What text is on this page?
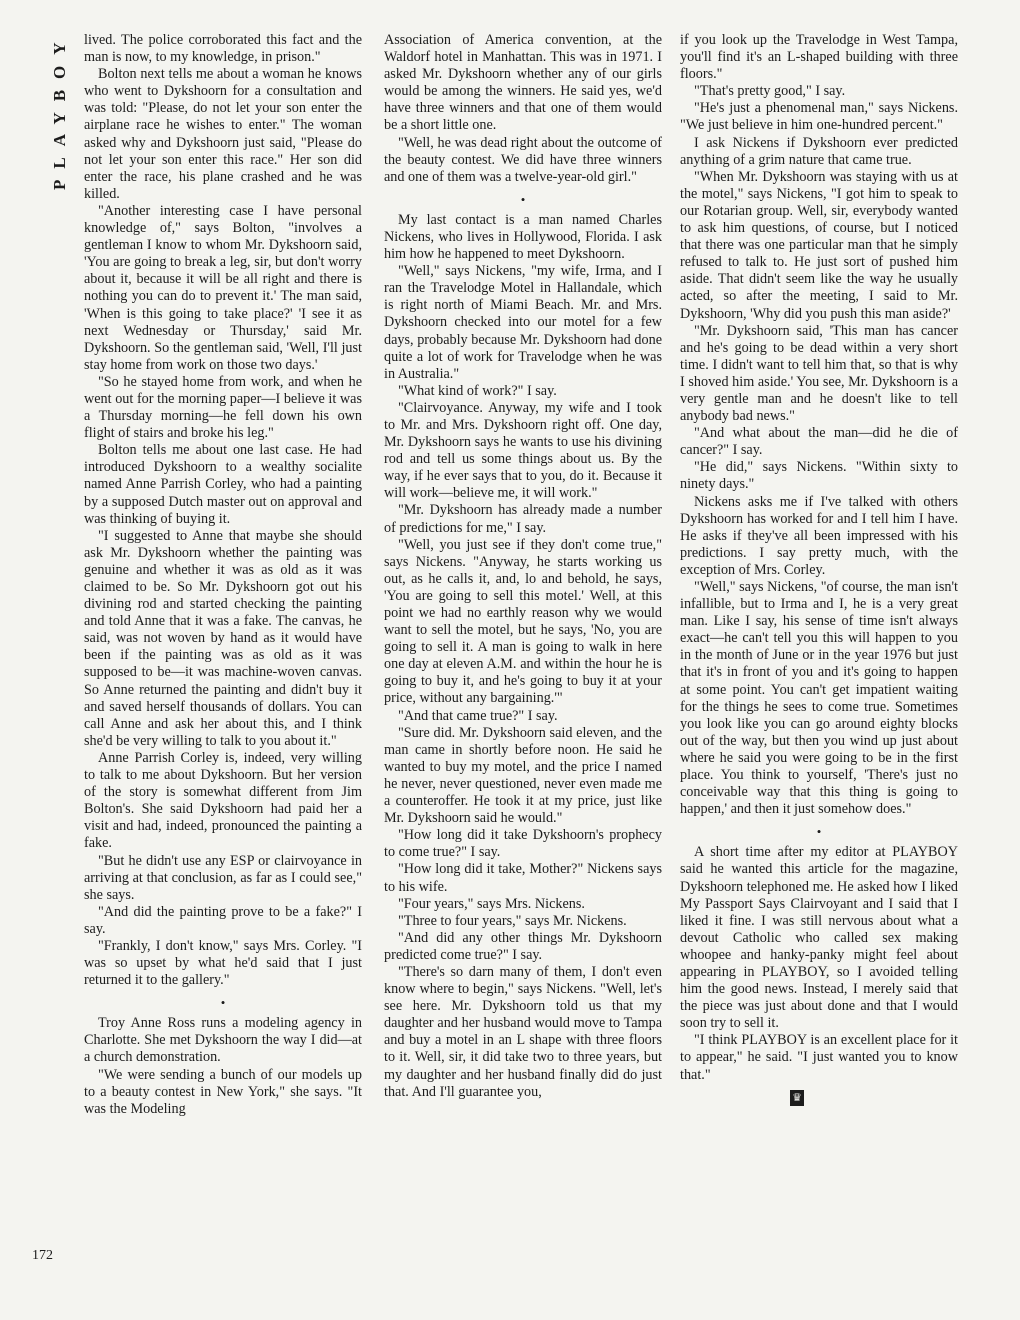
PLAYBOY lived. The police corroborated this fact and the man is now, to my knowledge, in prison."

Bolton next tells me about a woman he knows who went to Dykshoorn for a consultation and was told: "Please, do not let your son enter the airplane race he wishes to enter." The woman asked why and Dykshoorn just said, "Please do not let your son enter this race." Her son did enter the race, his plane crashed and he was killed.

"Another interesting case I have personal knowledge of," says Bolton, "involves a gentleman I know to whom Mr. Dykshoorn said, 'You are going to break a leg, sir, but don't worry about it, because it will be all right and there is nothing you can do to prevent it.' The man said, 'When is this going to take place?' 'I see it as next Wednesday or Thursday,' said Mr. Dykshoorn. So the gentleman said, 'Well, I'll just stay home from work on those two days.'

"So he stayed home from work, and when he went out for the morning paper—I believe it was a Thursday morning—he fell down his own flight of stairs and broke his leg."

Bolton tells me about one last case. He had introduced Dykshoorn to a wealthy socialite named Anne Parrish Corley, who had a painting by a supposed Dutch master out on approval and was thinking of buying it.

"I suggested to Anne that maybe she should ask Mr. Dykshoorn whether the painting was genuine and whether it was as old as it was claimed to be. So Mr. Dykshoorn got out his divining rod and started checking the painting and told Anne that it was a fake. The canvas, he said, was not woven by hand as it would have been if the painting was as old as it was supposed to be—it was machine-woven canvas. So Anne returned the painting and didn't buy it and saved herself thousands of dollars. You can call Anne and ask her about this, and I think she'd be very willing to talk to you about it."

Anne Parrish Corley is, indeed, very willing to talk to me about Dykshoorn. But her version of the story is somewhat different from Jim Bolton's. She said Dykshoorn had paid her a visit and had, indeed, pronounced the painting a fake.

"But he didn't use any ESP or clairvoyance in arriving at that conclusion, as far as I could see," she says.

"And did the painting prove to be a fake?" I say.

"Frankly, I don't know," says Mrs. Corley. "I was so upset by what he'd said that I just returned it to the gallery."

•

Troy Anne Ross runs a modeling agency in Charlotte. She met Dykshoorn the way I did—at a church demonstration.

"We were sending a bunch of our models up to a beauty contest in New York," she says. "It was the Modeling

Association of America convention, at the Waldorf hotel in Manhattan. This was in 1971. I asked Mr. Dykshoorn whether any of our girls would be among the winners. He said yes, we'd have three winners and that one of them would be a short little one.

"Well, he was dead right about the outcome of the beauty contest. We did have three winners and one of them was a twelve-year-old girl."

•

My last contact is a man named Charles Nickens, who lives in Hollywood, Florida. I ask him how he happened to meet Dykshoorn.

"Well," says Nickens, "my wife, Irma, and I ran the Travelodge Motel in Hallandale, which is right north of Miami Beach. Mr. and Mrs. Dykshoorn checked into our motel for a few days, probably because Mr. Dykshoorn had done quite a lot of work for Travelodge when he was in Australia."

"What kind of work?" I say.

"Clairvoyance. Anyway, my wife and I took to Mr. and Mrs. Dykshoorn right off. One day, Mr. Dykshoorn says he wants to use his divining rod and tell us some things about us. By the way, if he ever says that to you, do it. Because it will work—believe me, it will work."

"Mr. Dykshoorn has already made a number of predictions for me," I say.

"Well, you just see if they don't come true," says Nickens. "Anyway, he starts working us out, as he calls it, and, lo and behold, he says, 'You are going to sell this motel.' Well, at this point we had no earthly reason why we would want to sell the motel, but he says, 'No, you are going to sell it. A man is going to walk in here one day at eleven A.M. and within the hour he is going to buy it, and he's going to buy it at your price, without any bargaining.'"

"And that came true?" I say.

"Sure did. Mr. Dykshoorn said eleven, and the man came in shortly before noon. He said he wanted to buy my motel, and the price I named he never, never questioned, never even made me a counteroffer. He took it at my price, just like Mr. Dykshoorn said he would."

"How long did it take Dykshoorn's prophecy to come true?" I say.

"How long did it take, Mother?" Nickens says to his wife.

"Four years," says Mrs. Nickens.

"Three to four years," says Mr. Nickens.

"And did any other things Mr. Dykshoorn predicted come true?" I say.

"There's so darn many of them, I don't even know where to begin," says Nickens. "Well, let's see here. Mr. Dykshoorn told us that my daughter and her husband would move to Tampa and buy a motel in an L shape with three floors to it. Well, sir, it did take two to three years, but my daughter and her husband finally did do just that. And I'll guarantee you,

if you look up the Travelodge in West Tampa, you'll find it's an L-shaped building with three floors."

"That's pretty good," I say.

"He's just a phenomenal man," says Nickens. "We just believe in him one-hundred percent."

I ask Nickens if Dykshoorn ever predicted anything of a grim nature that came true.

"When Mr. Dykshoorn was staying with us at the motel," says Nickens, "I got him to speak to our Rotarian group. Well, sir, everybody wanted to ask him questions, of course, but I noticed that there was one particular man that he simply refused to talk to. He just sort of pushed him aside. That didn't seem like the way he usually acted, so after the meeting, I said to Mr. Dykshoorn, 'Why did you push this man aside?'

"Mr. Dykshoorn said, 'This man has cancer and he's going to be dead within a very short time. I didn't want to tell him that, so that is why I shoved him aside.' You see, Mr. Dykshoorn is a very gentle man and he doesn't like to tell anybody bad news."

"And what about the man—did he die of cancer?" I say.

"He did," says Nickens. "Within sixty to ninety days."

Nickens asks me if I've talked with others Dykshoorn has worked for and I tell him I have. He asks if they've all been impressed with his predictions. I say pretty much, with the exception of Mrs. Corley.

"Well," says Nickens, "of course, the man isn't infallible, but to Irma and I, he is a very great man. Like I say, his sense of time isn't always exact—he can't tell you this will happen to you in the month of June or in the year 1976 but just that it's in front of you and it's going to happen at some point. You can't get impatient waiting for the things he sees to come true. Sometimes you look like you can go around eighty blocks out of the way, but then you wind up just about where he said you were going to be in the first place. You think to yourself, 'There's just no conceivable way that this thing is going to happen,' and then it just somehow does."

•

A short time after my editor at PLAYBOY said he wanted this article for the magazine, Dykshoorn telephoned me. He asked how I liked My Passport Says Clairvoyant and I said that I liked it fine. I was still nervous about what a devout Catholic who called sex making whoopee and hanky-panky might feel about appearing in PLAYBOY, so I avoided telling him the good news. Instead, I merely said that the piece was just about done and that I would soon try to sell it.

"I think PLAYBOY is an excellent place for it to appear," he said. "I just wanted you to know that."

♛
172
